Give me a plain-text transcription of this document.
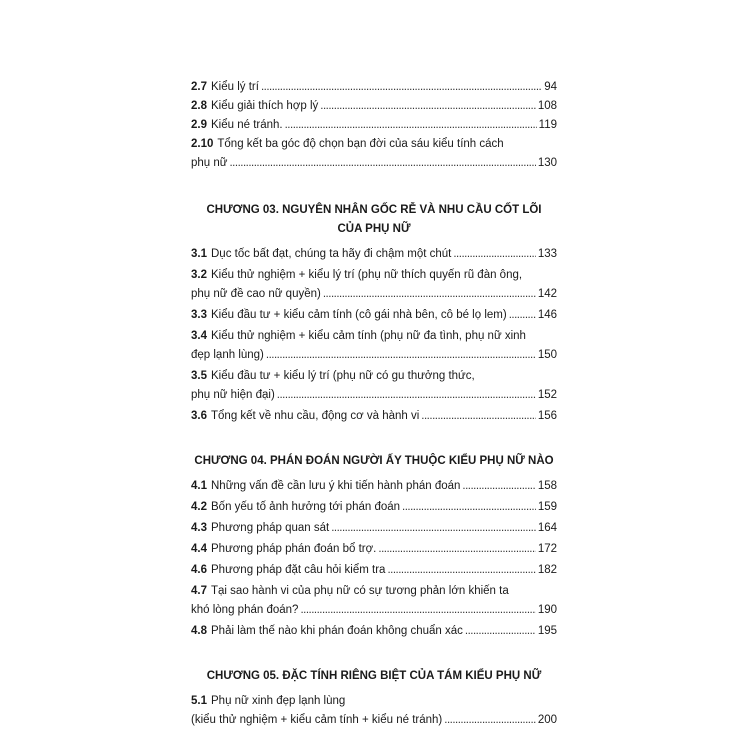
2.7 Kiểu lý trí .....	94
2.8 Kiểu giải thích hợp lý .....	108
2.9 Kiểu né tránh. .....	119
2.10 Tổng kết ba góc độ chọn bạn đời của sáu kiểu tính cách
phụ nữ .....	130

CHƯƠNG 03. NGUYÊN NHÂN GỐC RỄ VÀ NHU CẦU CỐT LÕI

CỦA PHỤ NỮ

3.1 Dục tốc bất đạt, chúng ta hãy đi chậm một chút .....	133
3.2 Kiểu thử nghiệm + kiểu lý trí (phụ nữ thích quyến rũ đàn ông,
phụ nữ đề cao nữ quyền) .....	142
3.3 Kiểu đầu tư + kiểu cảm tính (cô gái nhà bên, cô bé lọ lem) .....	146
3.4 Kiểu thử nghiệm + kiểu cảm tính (phụ nữ đa tình, phụ nữ xinh
đẹp lạnh lùng) .....	150
3.5 Kiểu đầu tư + kiểu lý trí (phụ nữ có gu thưởng thức,
phụ nữ hiện đại) .....	152
3.6 Tổng kết về nhu cầu, động cơ và hành vi .....	156

CHƯƠNG 04. PHÁN ĐOÁN NGƯỜI ẤY THUỘC KIỂU PHỤ NỮ NÀO

4.1 Những vấn đề cần lưu ý khi tiến hành phán đoán .....	158
4.2 Bốn yếu tố ảnh hưởng tới phán đoán .....	159
4.3 Phương pháp quan sát .....	164
4.4 Phương pháp phán đoán bổ trợ. .....	172
4.6 Phương pháp đặt câu hỏi kiểm tra .....	182
4.7 Tại sao hành vi của phụ nữ có sự tương phản lớn khiến ta
khó lòng phán đoán? .....	190
4.8 Phải làm thế nào khi phán đoán không chuẩn xác .....	195

CHƯƠNG 05. ĐẶC TÍNH RIÊNG BIỆT CỦA TÁM KIỂU PHỤ NỮ

5.1 Phụ nữ xinh đẹp lạnh lùng
(kiểu thử nghiệm + kiểu cảm tính + kiểu né tránh) .....	200
